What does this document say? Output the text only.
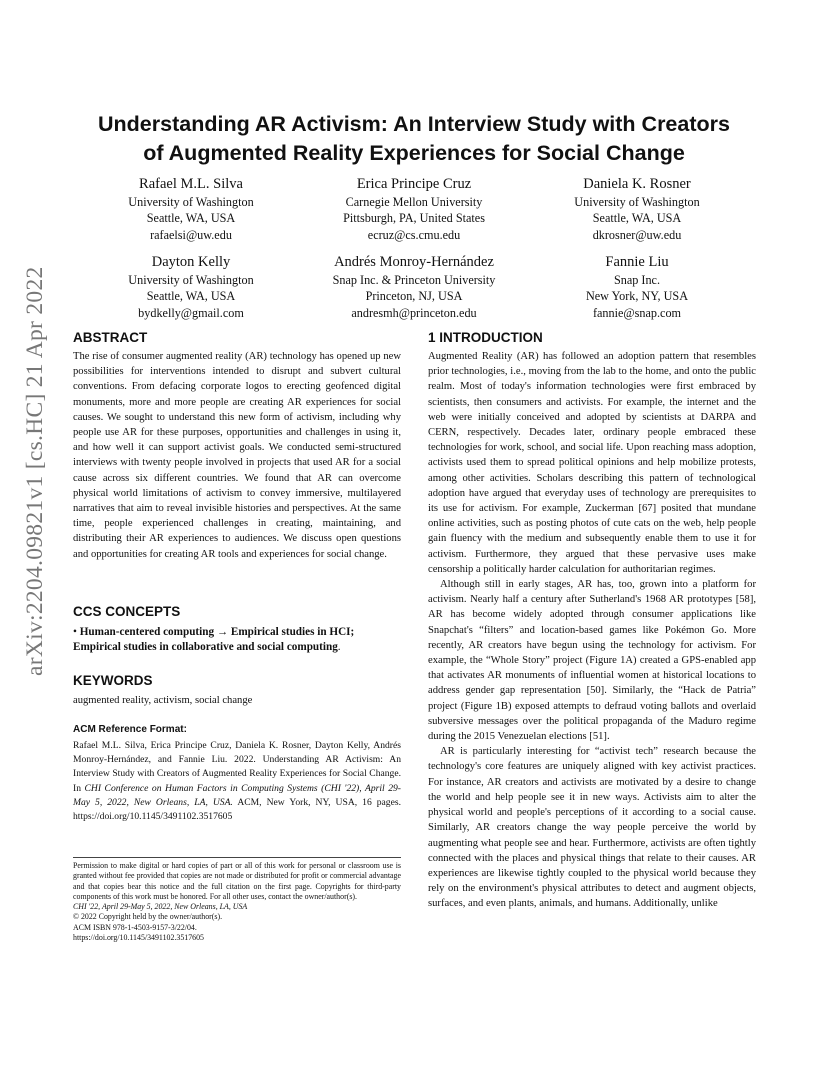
arXiv:2204.09821v1 [cs.HC] 21 Apr 2022
Understanding AR Activism: An Interview Study with Creators
of Augmented Reality Experiences for Social Change
Rafael M.L. Silva
University of Washington
Seattle, WA, USA
rafaelsi@uw.edu
Erica Principe Cruz
Carnegie Mellon University
Pittsburgh, PA, United States
ecruz@cs.cmu.edu
Daniela K. Rosner
University of Washington
Seattle, WA, USA
dkrosner@uw.edu
Dayton Kelly
University of Washington
Seattle, WA, USA
bydkelly@gmail.com
Andrés Monroy-Hernández
Snap Inc. & Princeton University
Princeton, NJ, USA
andresmh@princeton.edu
Fannie Liu
Snap Inc.
New York, NY, USA
fannie@snap.com
ABSTRACT

The rise of consumer augmented reality (AR) technology has opened up new possibilities for interventions intended to disrupt and subvert cultural conventions. From defacing corporate logos to erecting geofenced digital monuments, more and more people are creating AR experiences for social causes. We sought to understand this new form of activism, including why people use AR for these purposes, opportunities and challenges in using it, and how well it can support activist goals. We conducted semi-structured interviews with twenty people involved in projects that used AR for a social cause across six different countries. We found that AR can overcome physical world limitations of activism to convey immersive, multilayered narratives that aim to reveal invisible histories and perspectives. At the same time, people experienced challenges in creating, maintaining, and distributing their AR experiences to audiences. We discuss open questions and opportunities for creating AR tools and experiences for social change.

CCS CONCEPTS

• Human-centered computing → Empirical studies in HCI; Empirical studies in collaborative and social computing.

KEYWORDS

augmented reality, activism, social change

ACM Reference Format:
Rafael M.L. Silva, Erica Principe Cruz, Daniela K. Rosner, Dayton Kelly, Andrés Monroy-Hernández, and Fannie Liu. 2022. Understanding AR Activism: An Interview Study with Creators of Augmented Reality Experiences for Social Change. In CHI Conference on Human Factors in Computing Systems (CHI '22), April 29-May 5, 2022, New Orleans, LA, USA. ACM, New York, NY, USA, 16 pages. https://doi.org/10.1145/3491102.3517605
Permission to make digital or hard copies of part or all of this work for personal or classroom use is granted without fee provided that copies are not made or distributed for profit or commercial advantage and that copies bear this notice and the full citation on the first page. Copyrights for third-party components of this work must be honored. For all other uses, contact the owner/author(s).
CHI '22, April 29-May 5, 2022, New Orleans, LA, USA
© 2022 Copyright held by the owner/author(s).
ACM ISBN 978-1-4503-9157-3/22/04.
https://doi.org/10.1145/3491102.3517605
1 INTRODUCTION

Augmented Reality (AR) has followed an adoption pattern that resembles prior technologies, i.e., moving from the lab to the home, and onto the public realm. Most of today's information technologies were first embraced by scientists, then consumers and activists. For example, the internet and the web were initially conceived and adopted by scientists at DARPA and CERN, respectively. Decades later, ordinary people embraced these technologies for work, school, and social life. Upon reaching mass adoption, activists used them to spread political opinions and help mobilize protests, among other activities. Scholars describing this pattern of technological adoption have argued that everyday uses of technology are prerequisites to its use for activism. For example, Zuckerman [67] posited that mundane online activities, such as posting photos of cute cats on the web, help people gain fluency with the medium and subsequently enable them to use it for activism. Furthermore, they argued that these pervasive uses make censorship a politically harder calculation for authoritarian regimes.

Although still in early stages, AR has, too, grown into a platform for activism. Nearly half a century after Sutherland's 1968 AR prototypes [58], AR has become widely adopted through consumer applications like Snapchat's “filters” and location-based games like Pokémon Go. More recently, AR creators have begun using the technology for activism. For example, the “Whole Story” project (Figure 1A) created a GPS-enabled app that activates AR monuments of influential women at historical locations to address gender gap representation [50]. Similarly, the “Hack de Patria” project (Figure 1B) exposed attempts to defraud voting ballots and overlaid subversive messages over the political propaganda of the Maduro regime during the 2015 Venezuelan elections [51].

AR is particularly interesting for “activist tech” research because the technology's core features are uniquely aligned with key activist practices. For instance, AR creators and activists are motivated by a desire to change the world and help people see it in new ways. Activists aim to alter the physical world and people's perceptions of it according to a social cause. Similarly, AR creators change the way people perceive the world by augmenting what people see and hear. Furthermore, activists are often tightly connected with the places and physical things that relate to their causes. AR experiences are likewise tightly coupled to the physical world because they rely on the environment's physical attributes to detect and augment objects, surfaces, and even plants, animals, and humans. Additionally, unlike
